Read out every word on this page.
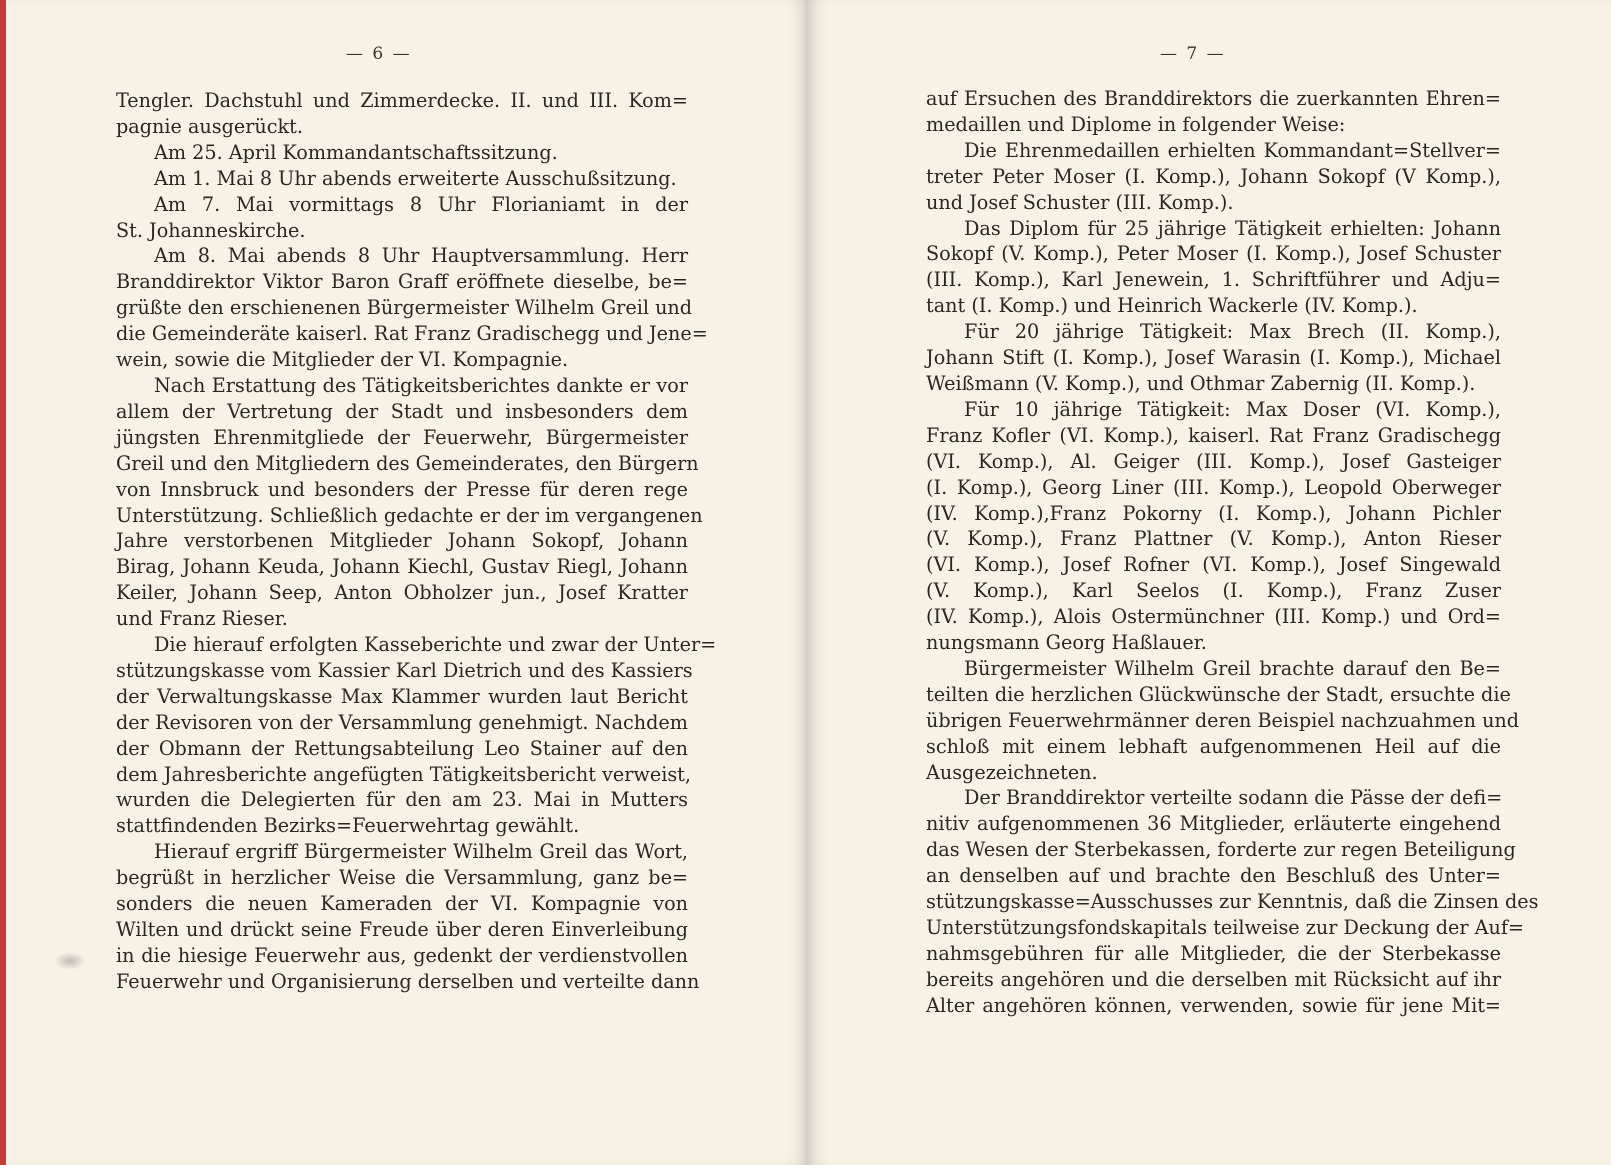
— 6 —
Tengler. Dachstuhl und Zimmerdecke. II. und III. Kom=
pagnie ausgerückt.
Am 25. April Kommandantschaftssitzung.
Am 1. Mai 8 Uhr abends erweiterte Ausschußsitzung.
Am 7. Mai vormittags 8 Uhr Florianiamt in der
St. Johanneskirche.
Am 8. Mai abends 8 Uhr Hauptversammlung. Herr
Branddirektor Viktor Baron Graff eröffnete dieselbe, be=
grüßte den erschienenen Bürgermeister Wilhelm Greil und
die Gemeinderäte kaiserl. Rat Franz Gradischegg und Jene=
wein, sowie die Mitglieder der VI. Kompagnie.
Nach Erstattung des Tätigkeitsberichtes dankte er vor
allem der Vertretung der Stadt und insbesonders dem
jüngsten Ehrenmitgliede der Feuerwehr, Bürgermeister
Greil und den Mitgliedern des Gemeinderates, den Bürgern
von Innsbruck und besonders der Presse für deren rege
Unterstützung. Schließlich gedachte er der im vergangenen
Jahre verstorbenen Mitglieder Johann Sokopf, Johann
Birag, Johann Keuda, Johann Kiechl, Gustav Riegl, Johann
Keiler, Johann Seep, Anton Obholzer jun., Josef Kratter
und Franz Rieser.
Die hierauf erfolgten Kasseberichte und zwar der Unter=
stützungskasse vom Kassier Karl Dietrich und des Kassiers
der Verwaltungskasse Max Klammer wurden laut Bericht
der Revisoren von der Versammlung genehmigt. Nachdem
der Obmann der Rettungsabteilung Leo Stainer auf den
dem Jahresberichte angefügten Tätigkeitsbericht verweist,
wurden die Delegierten für den am 23. Mai in Mutters
stattfindenden Bezirks=Feuerwehrtag gewählt.
Hierauf ergriff Bürgermeister Wilhelm Greil das Wort,
begrüßt in herzlicher Weise die Versammlung, ganz be=
sonders die neuen Kameraden der VI. Kompagnie von
Wilten und drückt seine Freude über deren Einverleibung
in die hiesige Feuerwehr aus, gedenkt der verdienstvollen
Feuerwehr und Organisierung derselben und verteilte dann
— 7 —
auf Ersuchen des Branddirektors die zuerkannten Ehren=
medaillen und Diplome in folgender Weise:
Die Ehrenmedaillen erhielten Kommandant=Stellver=
treter Peter Moser (I. Komp.), Johann Sokopf (V Komp.),
und Josef Schuster (III. Komp.).
Das Diplom für 25 jährige Tätigkeit erhielten: Johann
Sokopf (V. Komp.), Peter Moser (I. Komp.), Josef Schuster
(III. Komp.), Karl Jenewein, 1. Schriftführer und Adju=
tant (I. Komp.) und Heinrich Wackerle (IV. Komp.).
Für 20 jährige Tätigkeit: Max Brech (II. Komp.),
Johann Stift (I. Komp.), Josef Warasin (I. Komp.), Michael
Weißmann (V. Komp.), und Othmar Zabernig (II. Komp.).
Für 10 jährige Tätigkeit: Max Doser (VI. Komp.),
Franz Kofler (VI. Komp.), kaiserl. Rat Franz Gradischegg
(VI. Komp.), Al. Geiger (III. Komp.), Josef Gasteiger
(I. Komp.), Georg Liner (III. Komp.), Leopold Oberweger
(IV. Komp.),Franz Pokorny (I. Komp.), Johann Pichler
(V. Komp.), Franz Plattner (V. Komp.), Anton Rieser
(VI. Komp.), Josef Rofner (VI. Komp.), Josef Singewald
(V. Komp.), Karl Seelos (I. Komp.), Franz Zuser
(IV. Komp.), Alois Ostermünchner (III. Komp.) und Ord=
nungsmann Georg Haßlauer.
Bürgermeister Wilhelm Greil brachte darauf den Be=
teilten die herzlichen Glückwünsche der Stadt, ersuchte die
übrigen Feuerwehrmänner deren Beispiel nachzuahmen und
schloß mit einem lebhaft aufgenommenen Heil auf die
Ausgezeichneten.
Der Branddirektor verteilte sodann die Pässe der defi=
nitiv aufgenommenen 36 Mitglieder, erläuterte eingehend
das Wesen der Sterbekassen, forderte zur regen Beteiligung
an denselben auf und brachte den Beschluß des Unter=
stützungskasse=Ausschusses zur Kenntnis, daß die Zinsen des
Unterstützungsfondskapitals teilweise zur Deckung der Auf=
nahmsgebühren für alle Mitglieder, die der Sterbekasse
bereits angehören und die derselben mit Rücksicht auf ihr
Alter angehören können, verwenden, sowie für jene Mit=
